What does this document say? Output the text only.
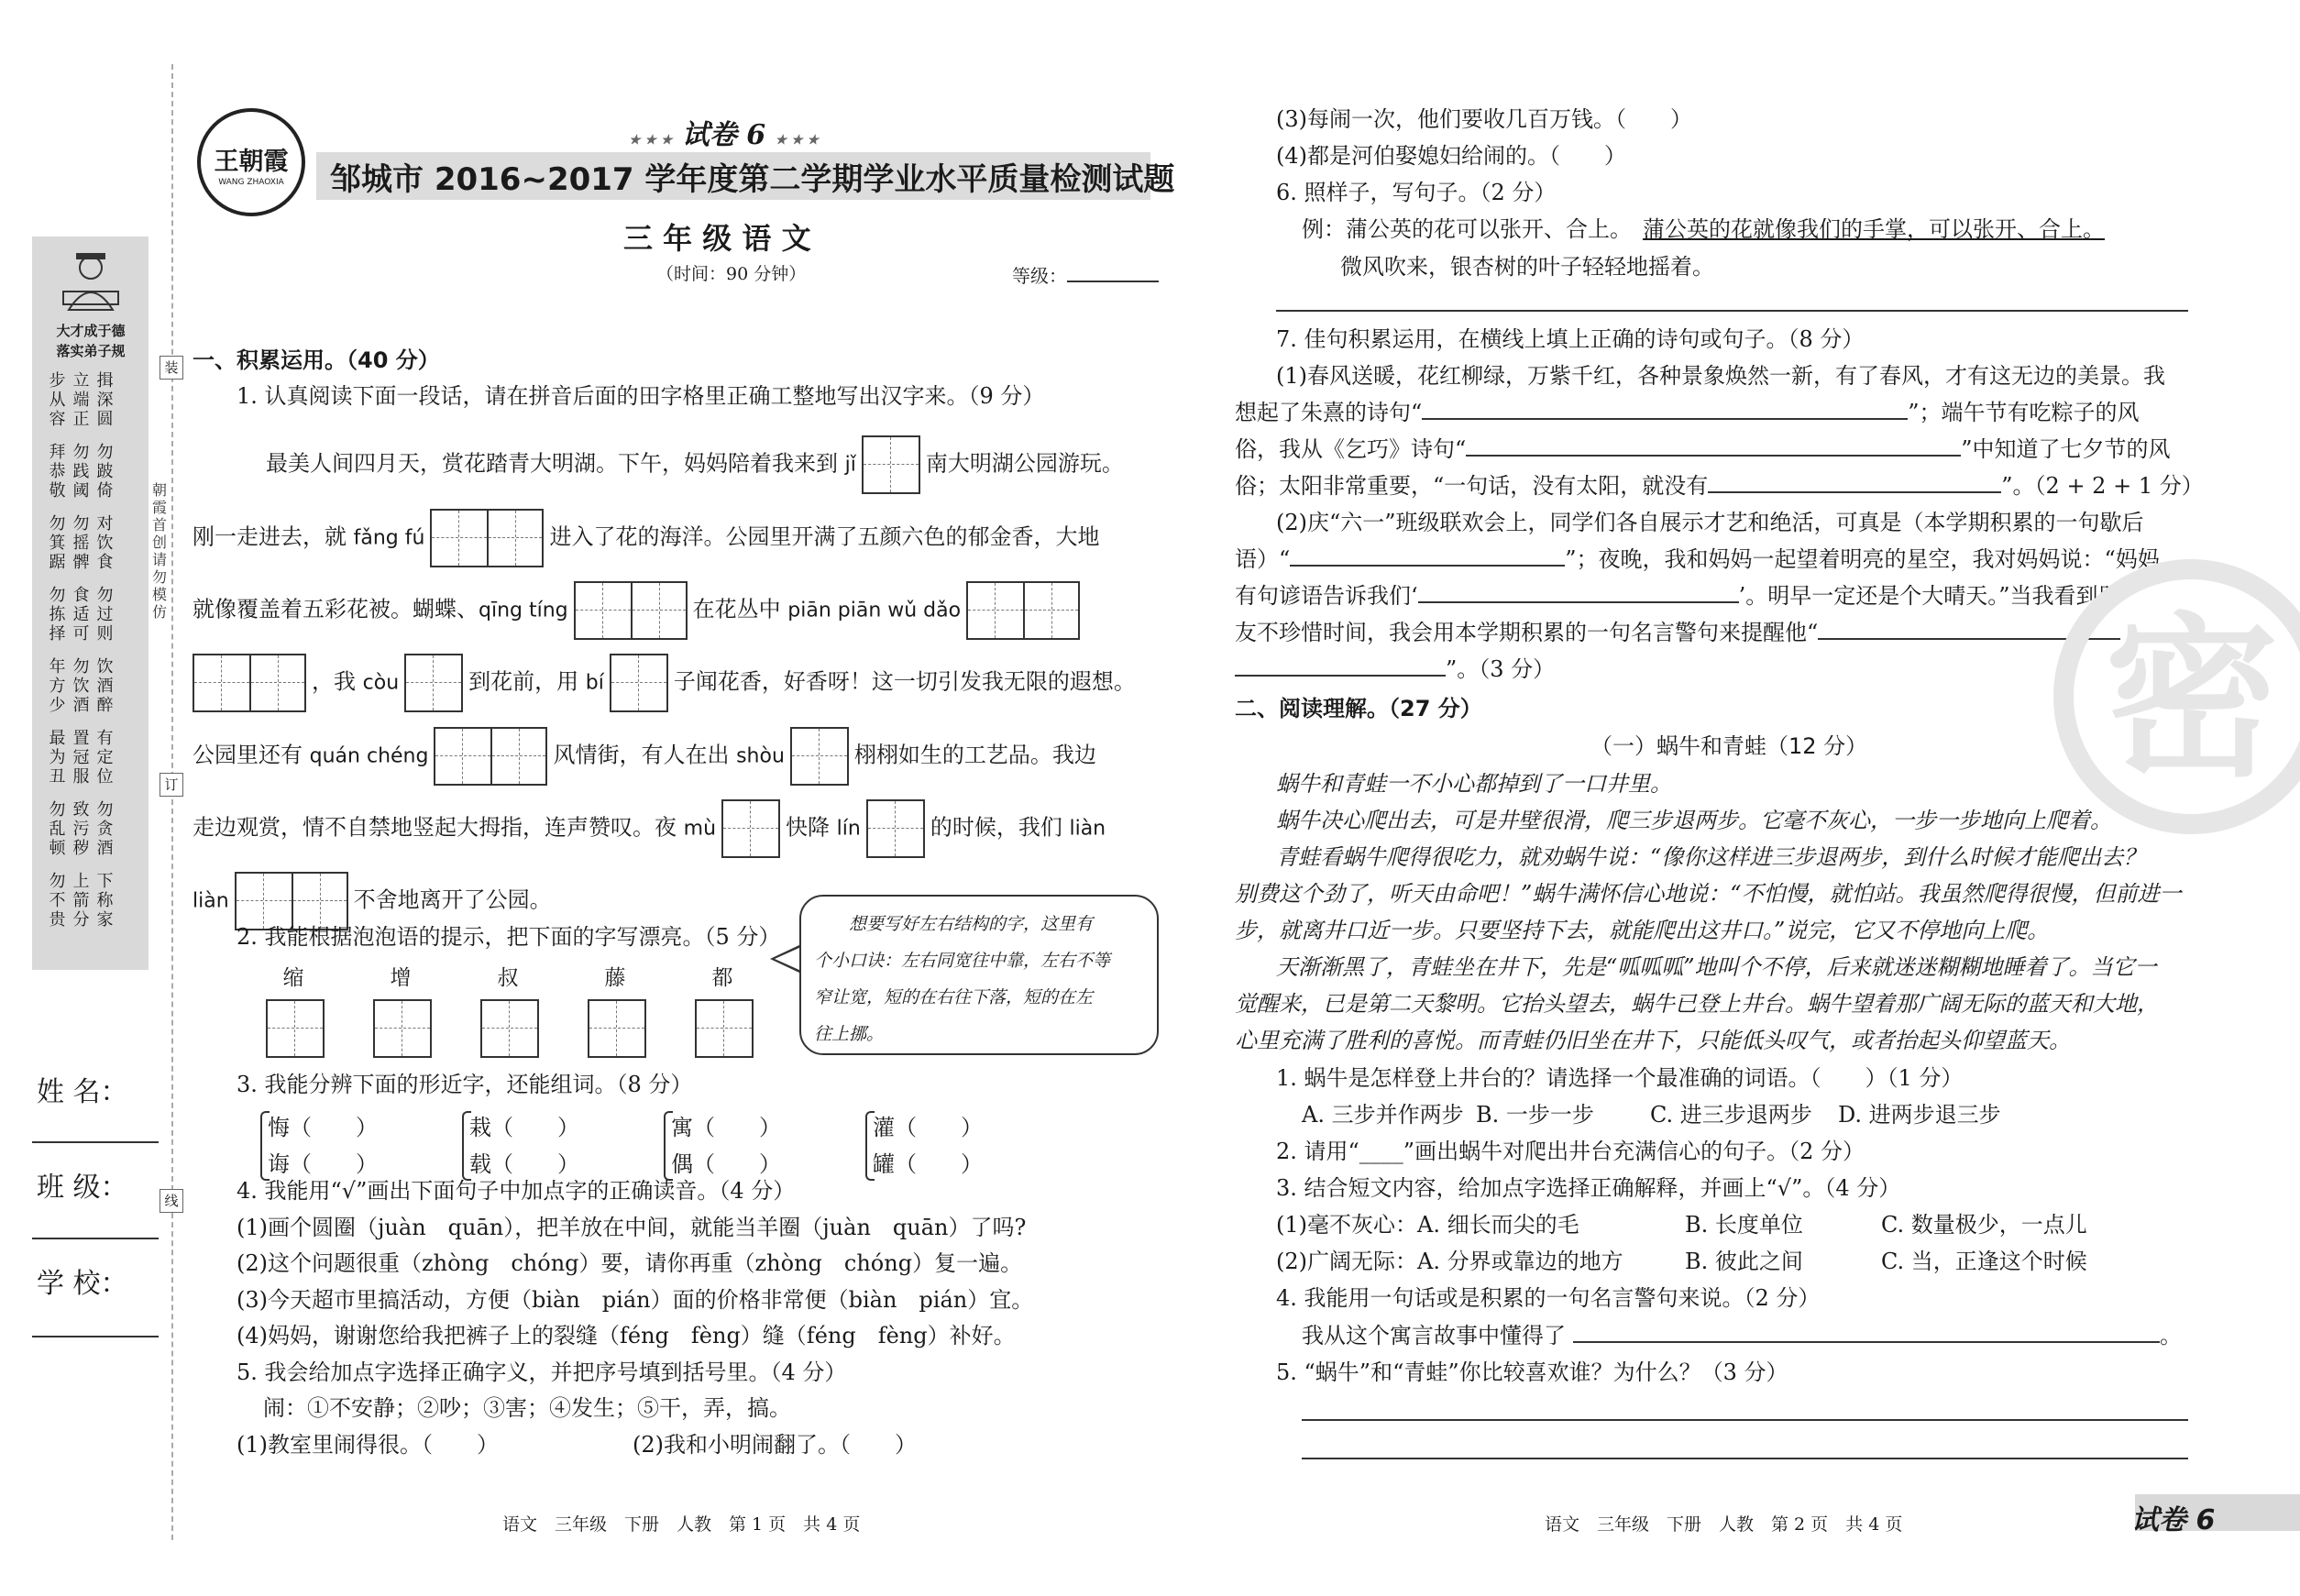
装
订
线
朝霞首创 请勿模仿
大才成于德
落实弟子规
步从容
立端正
揖深圆
拜恭敬
勿践阈
勿跛倚
勿箕踞
勿摇髀
对饮食
勿拣择
食适可
勿过则
年方少
勿饮酒
饮酒醉
最为丑
置冠服
有定位
勿乱顿
致污秽
勿贪酒
勿不贵
上箭分
下称家
姓 名：
班 级：
学 校：
王朝霞
WANG ZHAOXIA
★ ★ ★ 试卷 6 ★ ★ ★
邹城市 2016~2017 学年度第二学期学业水平质量检测试题
三 年 级 语 文
（时间：90 分钟）	等级：
一、积累运用。（40 分）
1. 认真阅读下面一段话，请在拼音后面的田字格里正确工整地写出汉字来。（9 分）
最美人间四月天，赏花踏青大明湖。下午，妈妈陪着我来到 jǐ	南大明湖公园游玩。
刚一走进去，就 fǎng fú	进入了花的海洋。公园里开满了五颜六色的郁金香，大地
就像覆盖着五彩花被。蝴蝶、qīng tíng	在花丛中 piān piān wǔ dǎo
，我 còu	到花前，用 bí	子闻花香，好香呀！这一切引发我无限的遐想。
公园里还有 quán chéng	风情街，有人在出 shòu	栩栩如生的工艺品。我边
走边观赏，情不自禁地竖起大拇指，连声赞叹。夜 mù	快降 lín	的时候，我们 liàn
liàn	不舍地离开了公园。
2. 我能根据泡泡语的提示，把下面的字写漂亮。（5 分）
缩	增	叔	藤	都
想要写好左右结构的字，这里有
个小口诀：左右同宽往中靠，左右不等
窄让宽，短的在右往下落，短的在左
往上挪。
3. 我能分辨下面的形近字，还能组词。（8 分）
悔（　　）	栽（　　）	寓（　　）	灌（　　）
诲（　　）	载（　　）	偶（　　）	罐（　　）
4. 我能用“√”画出下面句子中加点字的正确读音。（4 分）
(1)画个圆圈（juàn　quān），把羊放在中间，就能当羊圈（juàn　quān）了吗?
(2)这个问题很重（zhòng　chóng）要，请你再重（zhòng　chóng）复一遍。
(3)今天超市里搞活动，方便（biàn　pián）面的价格非常便（biàn　pián）宜。
(4)妈妈，谢谢您给我把裤子上的裂缝（féng　fèng）缝（féng　fèng）补好。
5. 我会给加点字选择正确字义，并把序号填到括号里。（4 分）
闹：①不安静；②吵；③害；④发生；⑤干，弄，搞。
(1)教室里闹得很。（　　）	(2)我和小明闹翻了。（　　）
语文　三年级　下册　人教　第 1 页　共 4 页
(3)每闹一次，他们要收几百万钱。（　　）
(4)都是河伯娶媳妇给闹的。（　　）
6. 照样子，写句子。（2 分）
例：蒲公英的花可以张开、合上。　 蒲公英的花就像我们的手掌，可以张开、合上。
微风吹来，银杏树的叶子轻轻地摇着。
7. 佳句积累运用，在横线上填上正确的诗句或句子。（8 分）
(1)春风送暖，花红柳绿，万紫千红，各种景象焕然一新，有了春风，才有这无边的美景。我
想起了朱熹的诗句“	”；端午节有吃粽子的风
俗，我从《乞巧》诗句“	”中知道了七夕节的风
俗；太阳非常重要，“一句话，没有太阳，就没有	”。（2 + 2 + 1 分）
(2)庆“六一”班级联欢会上，同学们各自展示才艺和绝活，可真是（本学期积累的一句歇后
语）“	”；夜晚，我和妈妈一起望着明亮的星空，我对妈妈说：“妈妈，
有句谚语告诉我们‘	’。明早一定还是个大晴天。”当我看到朋
友不珍惜时间，我会用本学期积累的一句名言警句来提醒他“
”。（3 分）
二、阅读理解。（27 分）
（一）蜗牛和青蛙（12 分）
蜗牛和青蛙一不小心都掉到了一口井里。
蜗牛决心爬出去，可是井壁很滑，爬三步退两步。它毫不灰心，一步一步地向上爬着。
青蛙看蜗牛爬得很吃力，就劝蜗牛说：“像你这样进三步退两步，到什么时候才能爬出去？
别费这个劲了，听天由命吧！”蜗牛满怀信心地说：“不怕慢，就怕站。我虽然爬得很慢，但前进一
步，就离井口近一步。只要坚持下去，就能爬出这井口。”说完，它又不停地向上爬。
天渐渐黑了，青蛙坐在井下，先是“呱呱呱”地叫个不停，后来就迷迷糊糊地睡着了。当它一
觉醒来，已是第二天黎明。它抬头望去，蜗牛已登上井台。蜗牛望着那广阔无际的蓝天和大地，
心里充满了胜利的喜悦。而青蛙仍旧坐在井下，只能低头叹气，或者抬起头仰望蓝天。
1. 蜗牛是怎样登上井台的？请选择一个最准确的词语。（　　）（1 分）
A. 三步并作两步 B. 一步一步	C. 进三步退两步 D. 进两步退三步
2. 请用“____”画出蜗牛对爬出井台充满信心的句子。（2 分）
3. 结合短文内容，给加点字选择正确解释，并画上“√”。（4 分）
(1)毫不灰心：A. 细长而尖的毛	B. 长度单位	C. 数量极少，一点儿
(2)广阔无际：A. 分界或靠边的地方	B. 彼此之间	C. 当，正逢这个时候
4. 我能用一句话或是积累的一句名言警句来说。（2 分）
我从这个寓言故事中懂得了	。
5. “蜗牛”和“青蛙”你比较喜欢谁？为什么？（3 分）
语文　三年级　下册　人教　第 2 页　共 4 页
密
试卷 6
